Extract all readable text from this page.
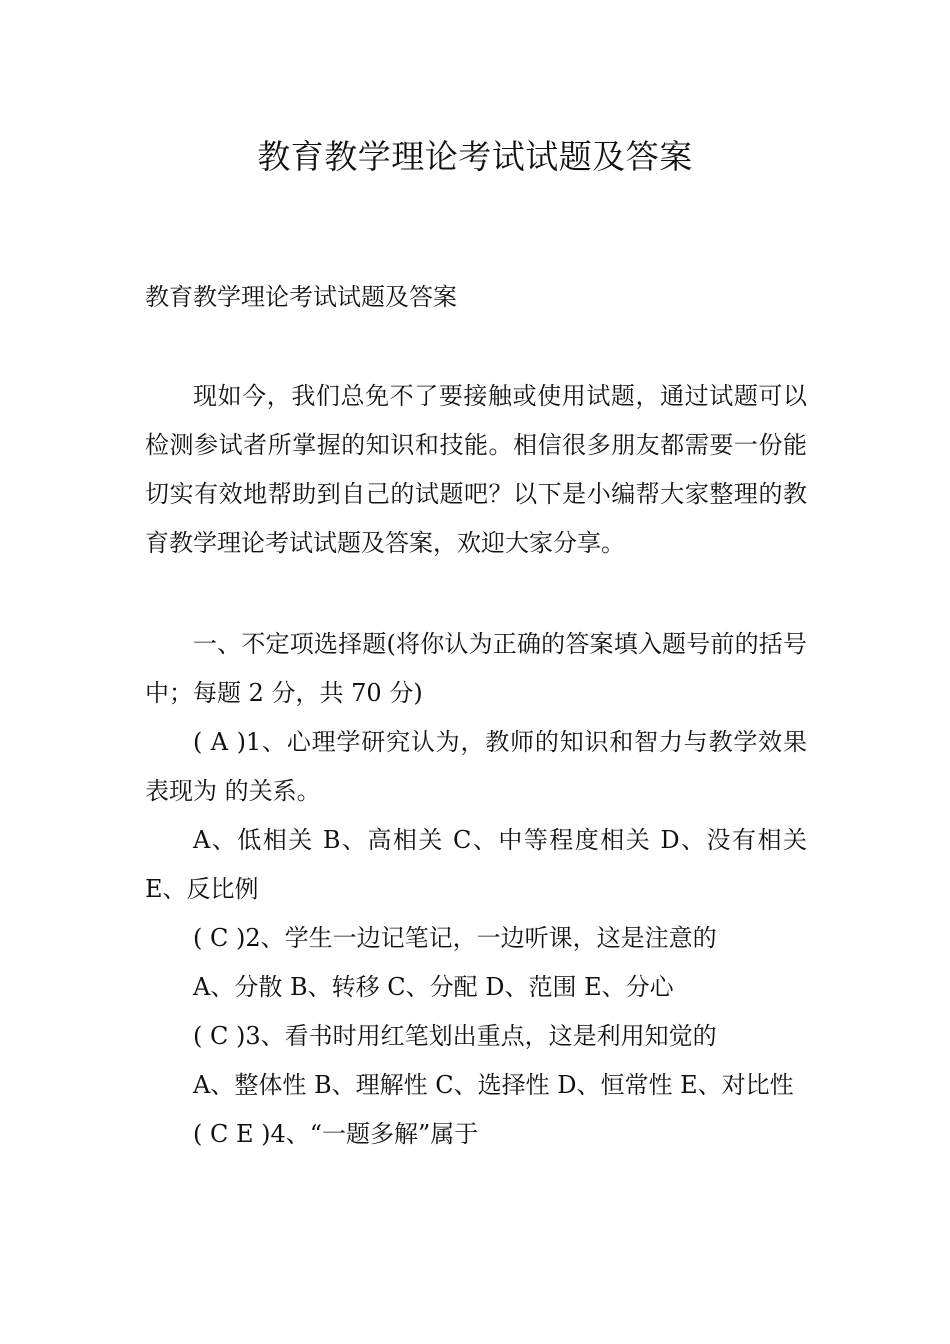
教育教学理论考试试题及答案
教育教学理论考试试题及答案

现如今，我们总免不了要接触或使用试题，通过试题可以检测参试者所掌握的知识和技能。相信很多朋友都需要一份能切实有效地帮助到自己的试题吧？以下是小编帮大家整理的教育教学理论考试试题及答案，欢迎大家分享。

一、不定项选择题(将你认为正确的答案填入题号前的括号中；每题 2 分，共 70 分)

( A )1、心理学研究认为，教师的知识和智力与教学效果表现为 的关系。

A、低相关 B、高相关 C、中等程度相关 D、没有相关 E、反比例

( C )2、学生一边记笔记，一边听课，这是注意的

A、分散 B、转移 C、分配 D、范围 E、分心

( C )3、看书时用红笔划出重点，这是利用知觉的

A、整体性 B、理解性 C、选择性 D、恒常性 E、对比性

( C E )4、“一题多解”属于
